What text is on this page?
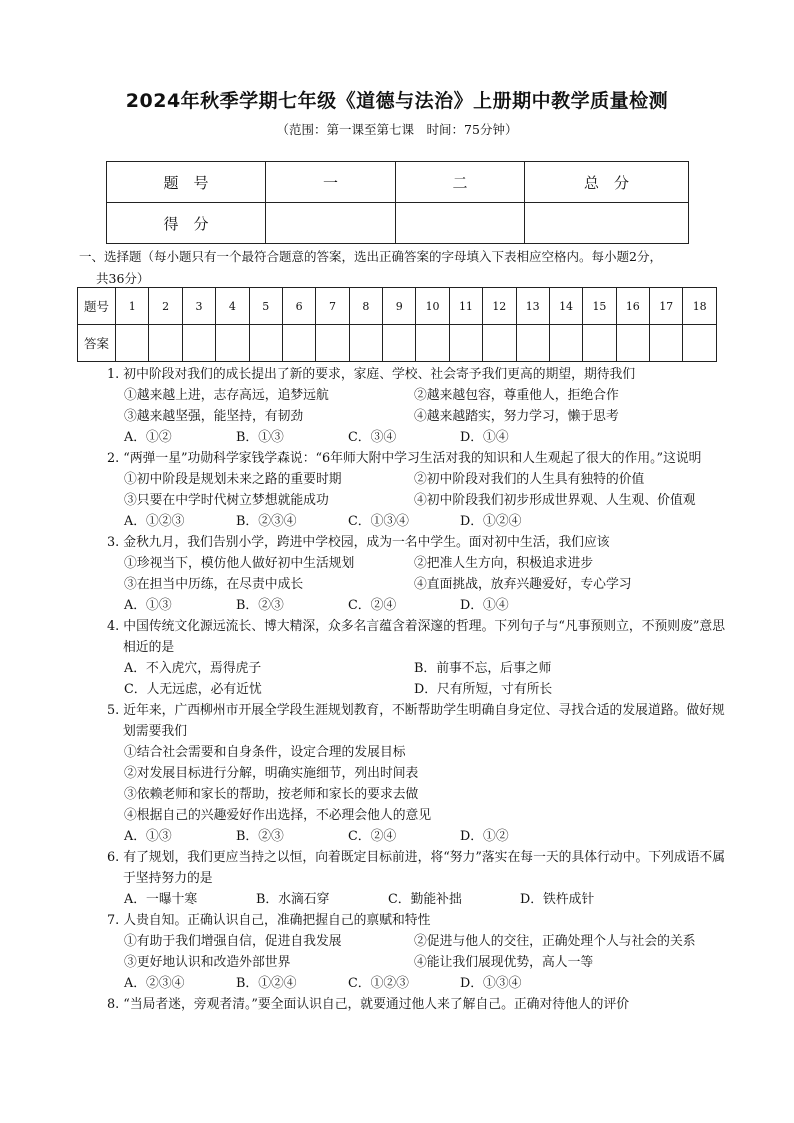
2024年秋季学期七年级《道德与法治》上册期中教学质量检测
（范围：第一课至第七课　时间：75分钟）
题　号	一	二	总　分
得　分			
一、选择题（每小题只有一个最符合题意的答案，选出正确答案的字母填入下表相应空格内。每小题2分，
共36分）
题号	1	2	3	4	5	6	7	8	9	10	11	12	13	14	15	16	17	18
答案																		
1. 初中阶段对我们的成长提出了新的要求，家庭、学校、社会寄予我们更高的期望，期待我们
①越来越上进，志存高远，追梦远航	②越来越包容，尊重他人，拒绝合作
③越来越坚强，能坚持，有韧劲	④越来越踏实，努力学习，懒于思考
A．①②	B．①③	C．③④	D．①④
2. “两弹一星”功勋科学家钱学森说：“6年师大附中学习生活对我的知识和人生观起了很大的作用。”这说明
①初中阶段是规划未来之路的重要时期	②初中阶段对我们的人生具有独特的价值
③只要在中学时代树立梦想就能成功	④初中阶段我们初步形成世界观、人生观、价值观
A．①②③	B．②③④	C．①③④	D．①②④
3. 金秋九月，我们告别小学，跨进中学校园，成为一名中学生。面对初中生活，我们应该
①珍视当下，模仿他人做好初中生活规划	②把准人生方向，积极追求进步
③在担当中历练，在尽责中成长	④直面挑战，放弃兴趣爱好，专心学习
A．①③	B．②③	C．②④	D．①④
4. 中国传统文化源远流长、博大精深，众多名言蕴含着深邃的哲理。下列句子与“凡事预则立，不预则废”意思相近的是
A．不入虎穴，焉得虎子	B．前事不忘，后事之师
C．人无远虑，必有近忧	D．尺有所短，寸有所长
5. 近年来，广西柳州市开展全学段生涯规划教育，不断帮助学生明确自身定位、寻找合适的发展道路。做好规划需要我们
①结合社会需要和自身条件，设定合理的发展目标
②对发展目标进行分解，明确实施细节，列出时间表
③依赖老师和家长的帮助，按老师和家长的要求去做
④根据自己的兴趣爱好作出选择，不必理会他人的意见
A．①③	B．②③	C．②④	D．①②
6. 有了规划，我们更应当持之以恒，向着既定目标前进，将“努力”落实在每一天的具体行动中。下列成语不属于坚持努力的是
A．一曝十寒	B．水滴石穿	C．勤能补拙	D．铁杵成针
7. 人贵自知。正确认识自己，准确把握自己的禀赋和特性
①有助于我们增强自信，促进自我发展	②促进与他人的交往，正确处理个人与社会的关系
③更好地认识和改造外部世界	④能让我们展现优势，高人一等
A．②③④	B．①②④	C．①②③	D．①③④
8. “当局者迷，旁观者清。”要全面认识自己，就要通过他人来了解自己。正确对待他人的评价
